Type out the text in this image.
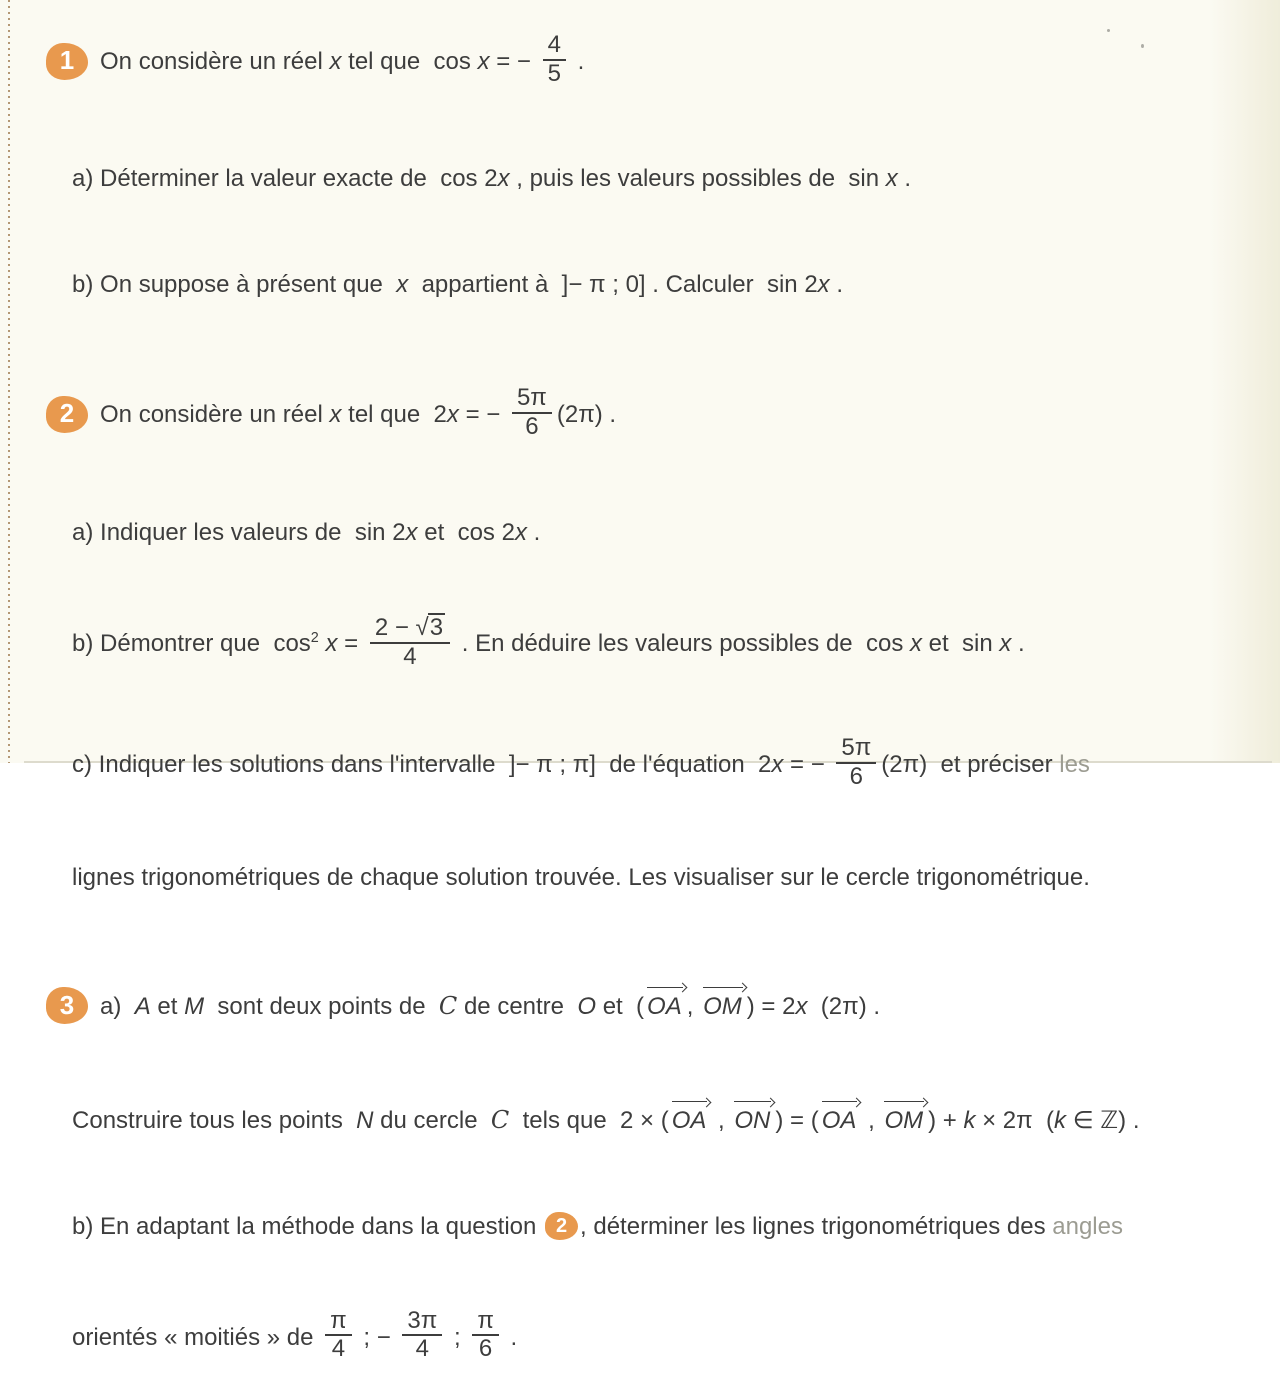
1 On considère un réel x tel que  cos x = − $\frac{4}{5}$ .

a) Déterminer la valeur exacte de  cos 2x , puis les valeurs possibles de  sin x .

b) On suppose à présent que  x  appartient à  ]− π ; 0] . Calculer  sin 2x .

2 On considère un réel x tel que  2x = − $\frac{5\pi}{6} (2\pi)$ .

a) Indiquer les valeurs de  sin 2x et  cos 2x .

b) Démontrer que  $\cos^2 x = \frac{2 - √3}{4}$ . En déduire les valeurs possibles de  cos x et  sin x .

c) Indiquer les solutions dans l'intervalle  ]− π ; π]  de l'équation  2x = − $\frac{5\pi}{6} (2\pi)$  et préciser les

lignes trigonométriques de chaque solution trouvée. Les visualiser sur le cercle trigonométrique.

3 a)  A et M  sont deux points de  C de centre  O et  ( OA , OM ) = 2x  (2π) .

Construire tous les points  N du cercle  C  tels que  2 × ( OA , ON ) = ( OA , OM ) + k × 2π  (k ∈ ℤ) .

b) En adaptant la méthode dans la question 2 , déterminer les lignes trigonométriques des angles

orientés « moitiés » de $\frac{\pi}{4}$ ; − $\frac{3\pi}{4}$ ; $\frac{\pi}{6}$ .
